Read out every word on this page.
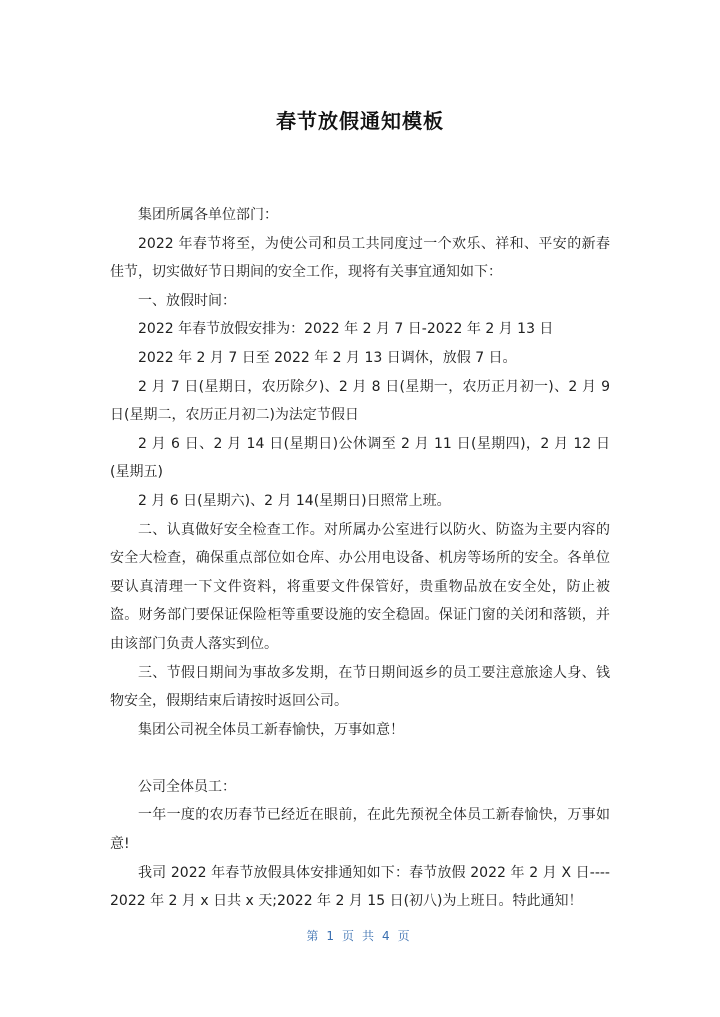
春节放假通知模板

集团所属各单位部门：

2022 年春节将至，为使公司和员工共同度过一个欢乐、祥和、平安的新春佳节，切实做好节日期间的安全工作，现将有关事宜通知如下：

一、放假时间：

2022 年春节放假安排为：2022 年 2 月 7 日-2022 年 2 月 13 日

2022 年 2 月 7 日至 2022 年 2 月 13 日调休，放假 7 日。

2 月 7 日(星期日，农历除夕)、2 月 8 日(星期一，农历正月初一)、2 月 9 日(星期二，农历正月初二)为法定节假日

2 月 6 日、2 月 14 日(星期日)公休调至 2 月 11 日(星期四)，2 月 12 日(星期五)

2 月 6 日(星期六)、2 月 14(星期日)日照常上班。

二、认真做好安全检查工作。对所属办公室进行以防火、防盗为主要内容的安全大检查，确保重点部位如仓库、办公用电设备、机房等场所的安全。各单位要认真清理一下文件资料，将重要文件保管好，贵重物品放在安全处，防止被盗。财务部门要保证保险柜等重要设施的安全稳固。保证门窗的关闭和落锁，并由该部门负责人落实到位。

三、节假日期间为事故多发期，在节日期间返乡的员工要注意旅途人身、钱物安全，假期结束后请按时返回公司。

集团公司祝全体员工新春愉快，万事如意！

公司全体员工：

一年一度的农历春节已经近在眼前，在此先预祝全体员工新春愉快，万事如意!

我司 2022 年春节放假具体安排通知如下：春节放假 2022 年 2 月 X 日----2022 年 2 月 x 日共 x 天;2022 年 2 月 15 日(初八)为上班日。特此通知！

第 1 页 共 4 页
